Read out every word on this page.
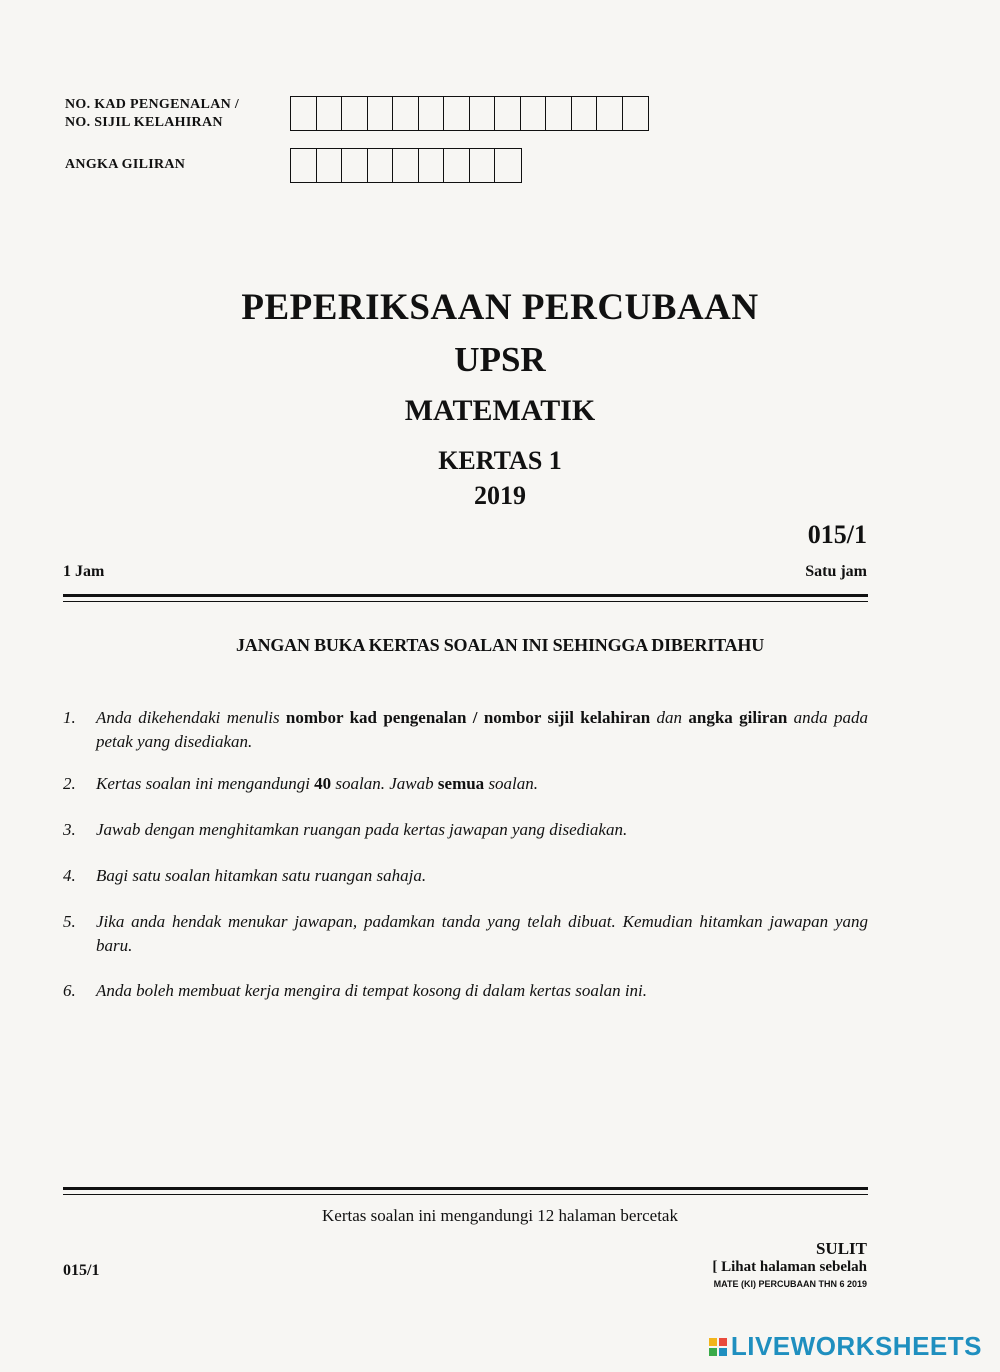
NO. KAD PENGENALAN /
NO. SIJIL KELAHIRAN
ANGKA GILIRAN
PEPERIKSAAN PERCUBAAN
UPSR
MATEMATIK
KERTAS 1
2019
015/1
1 Jam	Satu jam
JANGAN BUKA KERTAS SOALAN INI SEHINGGA DIBERITAHU
1. Anda dikehendaki menulis nombor kad pengenalan / nombor sijil kelahiran dan angka giliran anda pada petak yang disediakan.
2. Kertas soalan ini mengandungi 40 soalan. Jawab semua soalan.
3. Jawab dengan menghitamkan ruangan pada kertas jawapan yang disediakan.
4. Bagi satu soalan hitamkan satu ruangan sahaja.
5. Jika anda hendak menukar jawapan, padamkan tanda yang telah dibuat. Kemudian hitamkan jawapan yang baru.
6. Anda boleh membuat kerja mengira di tempat kosong di dalam kertas soalan ini.
Kertas soalan ini mengandungi 12 halaman bercetak
015/1
SULIT
[ Lihat halaman sebelah
MATE (KI) PERCUBAAN THN 6 2019
LIVEWORKSHEETS
